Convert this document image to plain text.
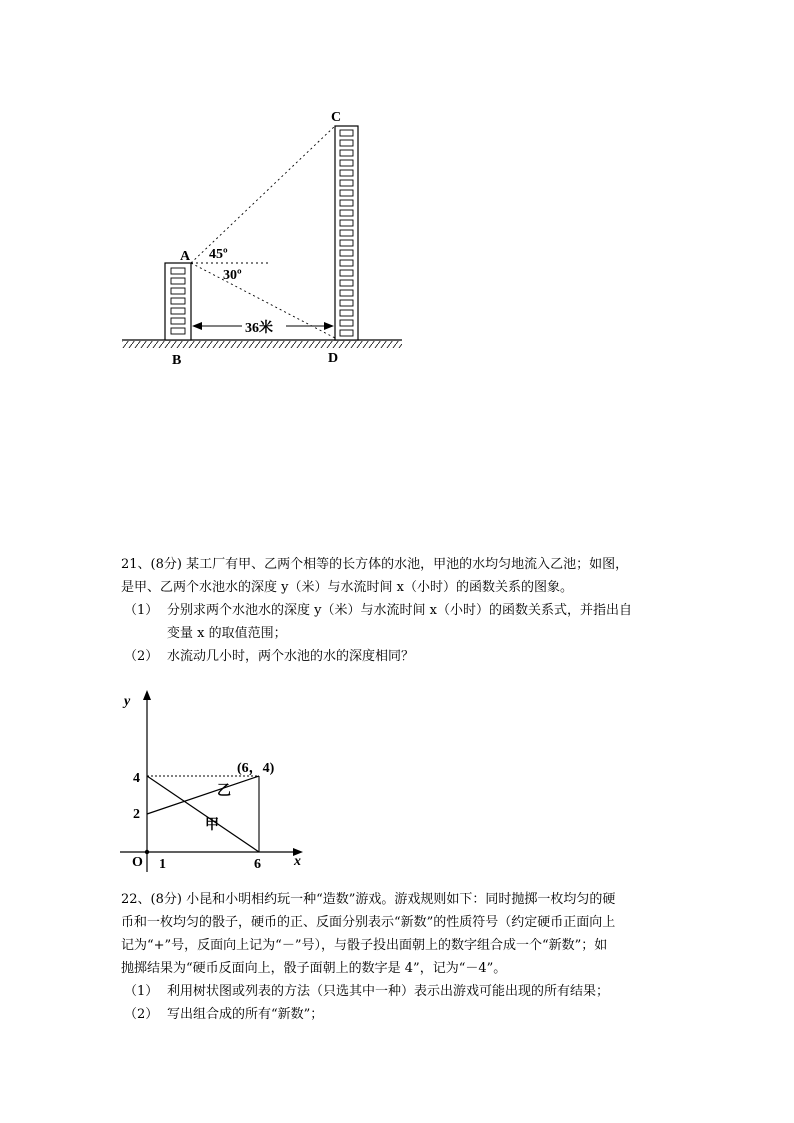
A
B
C
D
45º
30º
36米
21、(8分) 某工厂有甲、乙两个相等的长方体的水池，甲池的水均匀地流入乙池；如图，
是甲、乙两个水池水的深度 y（米）与水流时间 x（小时）的函数关系的图象。
（1） 分别求两个水池水的深度 y（米）与水流时间 x（小时）的函数关系式，并指出自
变量 x 的取值范围；
（2） 水流动几小时，两个水池的水的深度相同？
y
x
O 1	6
2
4
(6，4)
乙
甲
22、(8分) 小昆和小明相约玩一种“造数”游戏。游戏规则如下：同时抛掷一枚均匀的硬
币和一枚均匀的骰子，硬币的正、反面分别表示“新数”的性质符号（约定硬币正面向上
记为“+”号，反面向上记为“－”号），与骰子投出面朝上的数字组合成一个“新数”；如
抛掷结果为“硬币反面向上，骰子面朝上的数字是 4”，记为“－4”。
（1） 利用树状图或列表的方法（只选其中一种）表示出游戏可能出现的所有结果；
（2） 写出组合成的所有“新数”；
